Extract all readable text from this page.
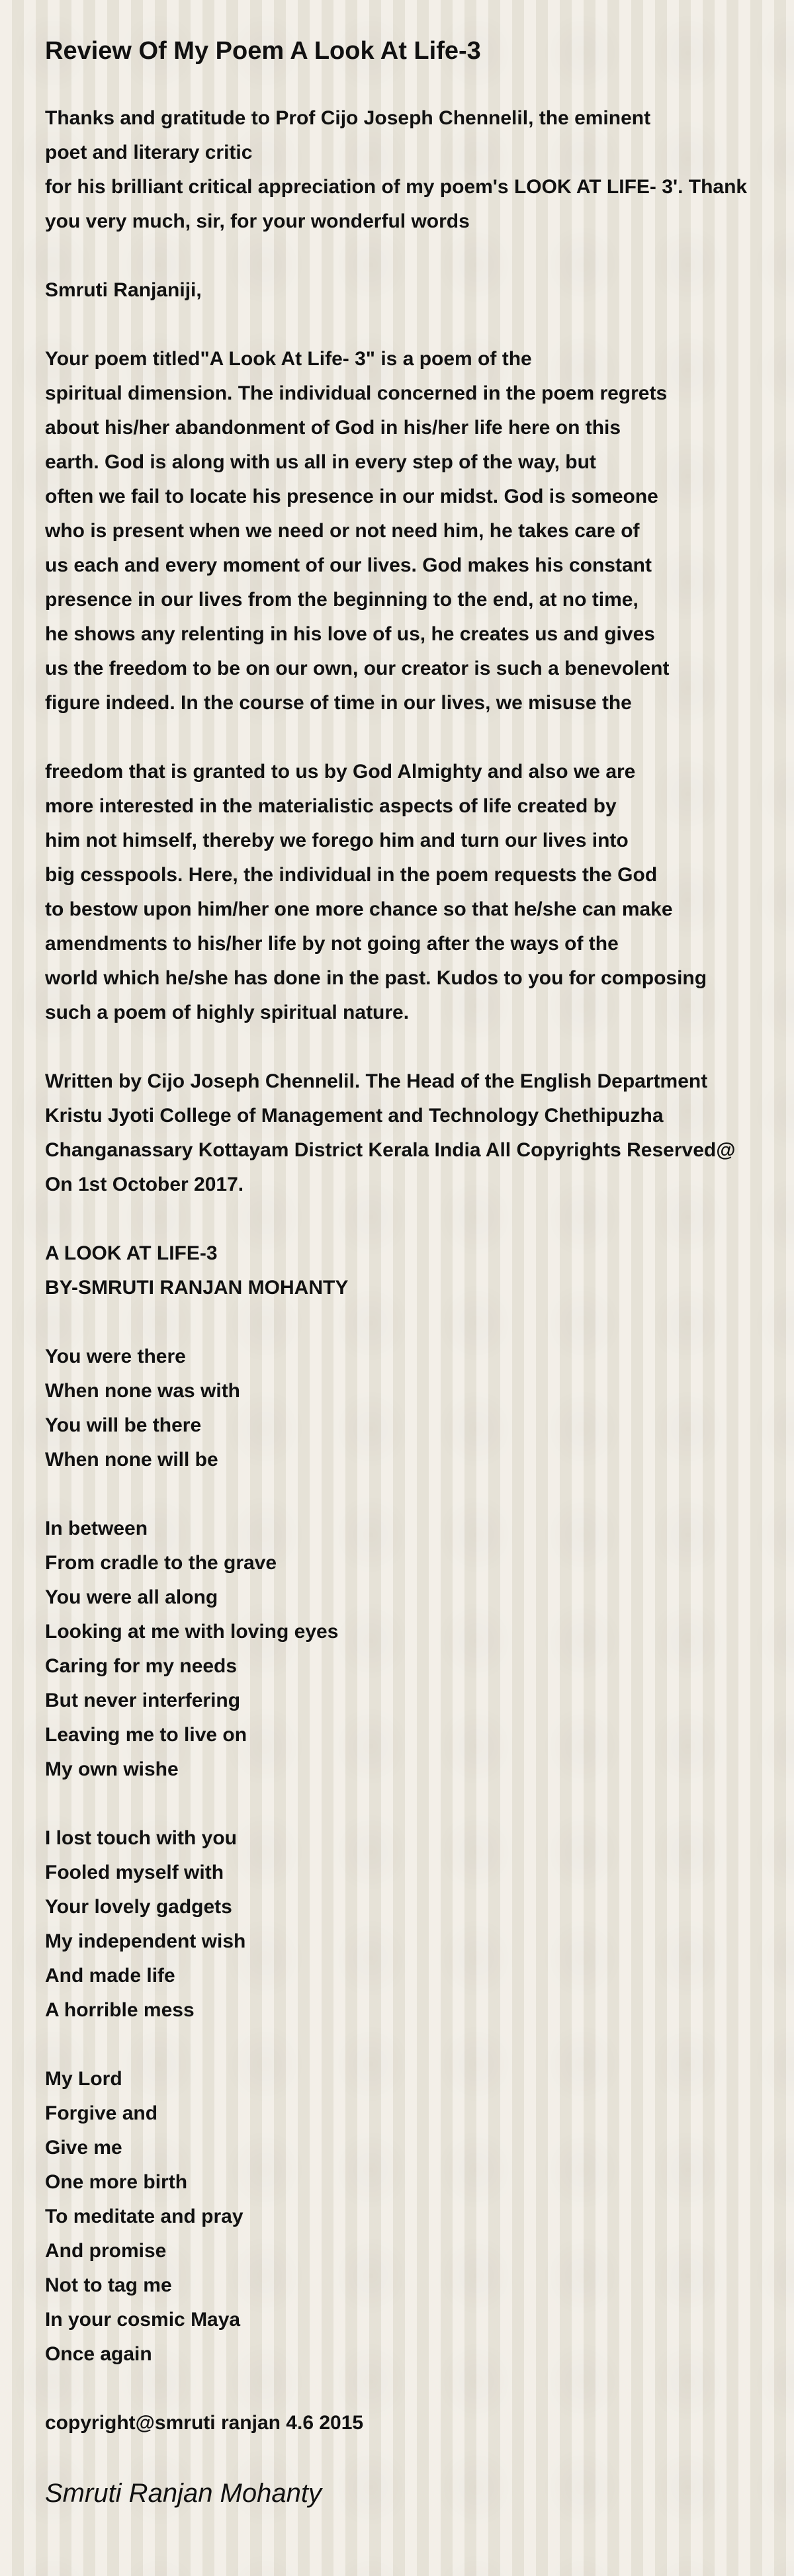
Review Of My Poem A Look At Life-3
Thanks and gratitude to Prof Cijo Joseph Chennelil, the eminent
poet and literary critic
for his brilliant critical appreciation of my poem's LOOK AT LIFE- 3'. Thank
you very much, sir, for your wonderful words
Smruti Ranjaniji,
Your poem titled"A Look At Life- 3" is a poem of the
spiritual dimension. The individual concerned in the poem regrets
about his/her abandonment of God in his/her life here on this
earth. God is along with us all in every step of the way, but
often we fail to locate his presence in our midst. God is someone
who is present when we need or not need him, he takes care of
us each and every moment of our lives. God makes his constant
presence in our lives from the beginning to the end, at no time,
he shows any relenting in his love of us, he creates us and gives
us the freedom to be on our own, our creator is such a benevolent
figure indeed. In the course of time in our lives, we misuse the
freedom that is granted to us by God Almighty and also we are
more interested in the materialistic aspects of life created by
him not himself, thereby we forego him and turn our lives into
big cesspools. Here, the individual in the poem requests the God
to bestow upon him/her one more chance so that he/she can make
amendments to his/her life by not going after the ways of the
world which he/she has done in the past. Kudos to you for composing
such a poem of highly spiritual nature.
Written by Cijo Joseph Chennelil. The Head of the English Department
Kristu Jyoti College of Management and Technology Chethipuzha
Changanassary Kottayam District Kerala India All Copyrights Reserved@
On 1st October 2017.
A LOOK AT LIFE-3
BY-SMRUTI RANJAN MOHANTY
You were there
When none was with
You will be there
When none will be
In between
From cradle to the grave
You were all along
Looking at me with loving eyes
Caring for my needs
But never interfering
Leaving me to live on
My own wishe
I lost touch with you
Fooled myself with
Your lovely gadgets
My independent wish
And made life
A horrible mess
My Lord
Forgive and
Give me
One more birth
To meditate and pray
And promise
Not to tag me
In your cosmic Maya
Once again
copyright@smruti ranjan 4.6 2015
Smruti Ranjan Mohanty
